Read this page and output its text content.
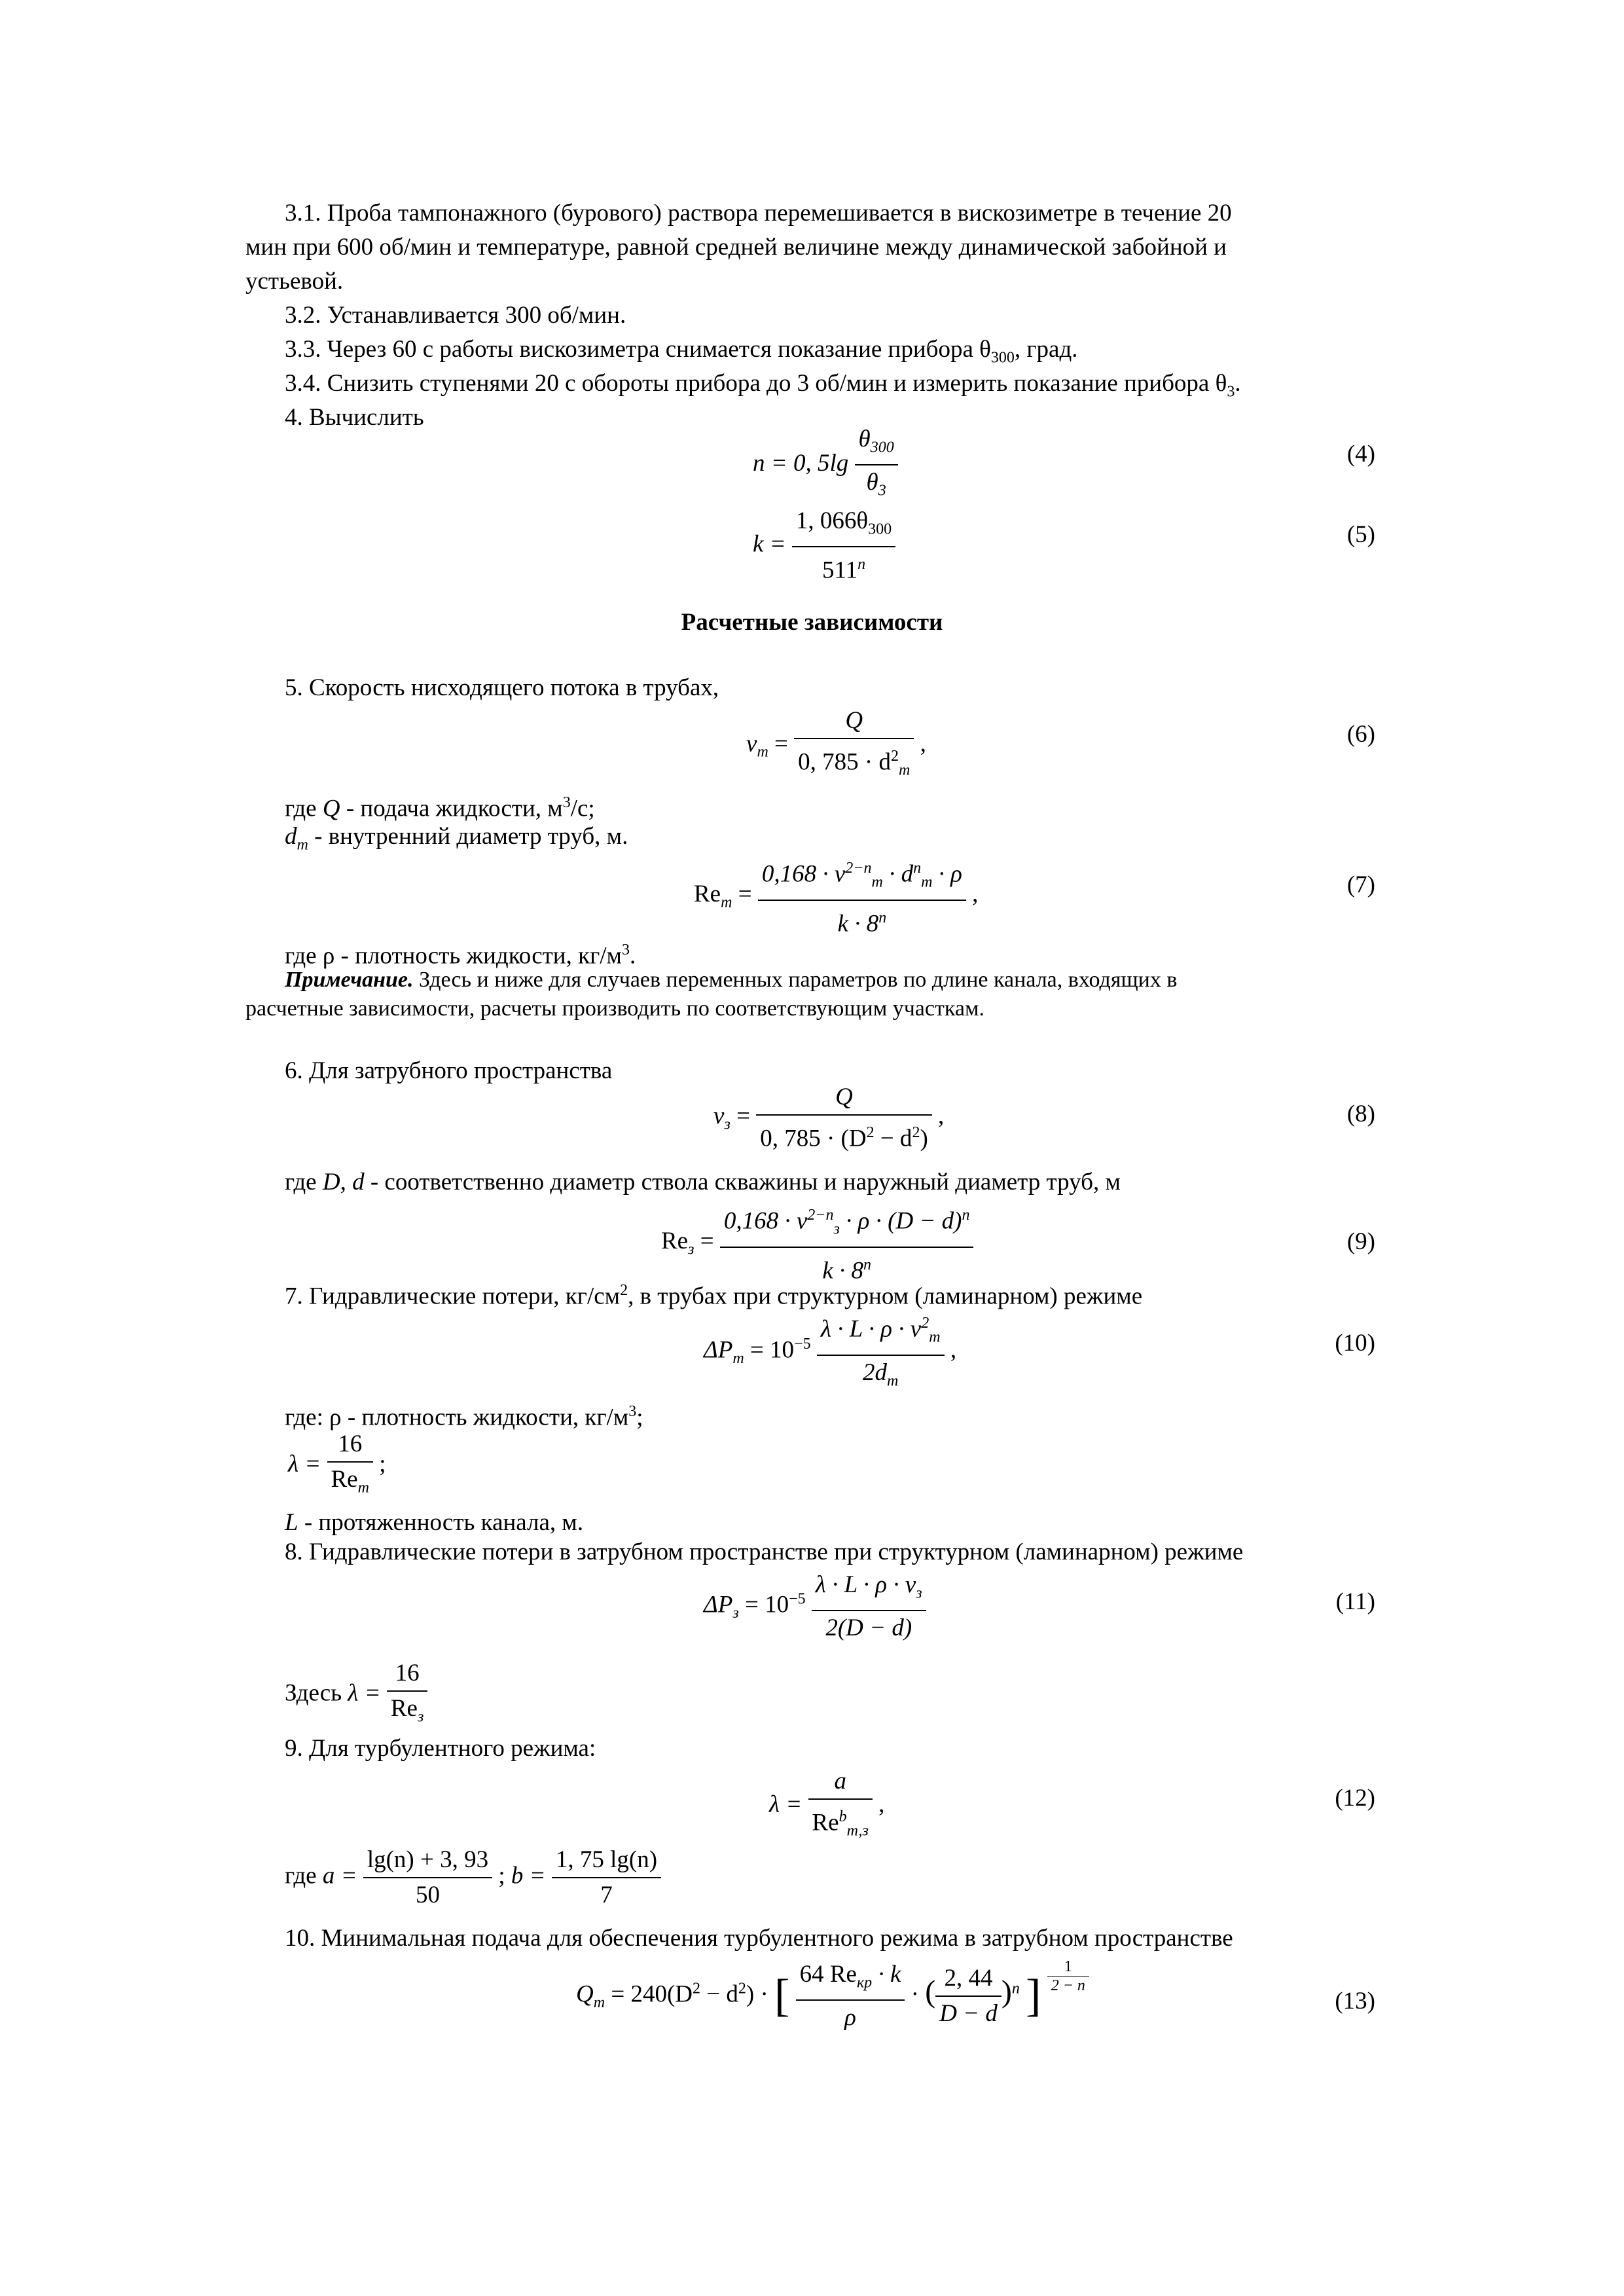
3.1. Проба тампонажного (бурового) раствора перемешивается в вискозиметре в течение 20
мин при 600 об/мин и температуре, равной средней величине между динамической забойной и
устьевой.
3.2. Устанавливается 300 об/мин.
3.3. Через 60 с работы вискозиметра снимается показание прибора $\theta_{300}$, град.
3.4. Снизить ступенями 20 с обороты прибора до 3 об/мин и измерить показание прибора $\theta_3$.
4. Вычислить
n = 0, $5\lg \frac{\theta_{300}}{\theta_3}$	(4)
$k = \frac{1, 066\theta_{300}}{511^n}$	(5)
Расчетные зависимости
5. Скорость нисходящего потока в трубах,
$v_т = \frac{Q}{0, 785 \cdot d^2_т}$ ,	(6)
где Q - подача жидкости, $м^3/с$;
$d_т$ - внутренний диаметр труб, м.
$Re_т = \frac{0,168 \cdot v^{2-n}_т \cdot d^n_т \cdot \rho}{k \cdot 8^n}$ ,	(7)
где ρ - плотность жидкости, $кг/м^3$.
Примечание. Здесь и ниже для случаев переменных параметров по длине канала, входящих в
расчетные зависимости, расчеты производить по соответствующим участкам.
6. Для затрубного пространства
$v_з = \frac{Q}{0, 785 \cdot (D^2 - d^2)}$ ,	(8)
где D, d - соответственно диаметр ствола скважины и наружный диаметр труб, м
$Re_з = \frac{0,168 \cdot v^{2-n}_з \cdot \rho \cdot (D - d)^n}{k \cdot 8^n}$	(9)
7. Гидравлические потери, $кг/см^2$, в трубах при структурном (ламинарном) режиме
$\Delta P_т = 10^{-5} \frac{\lambda \cdot L \cdot \rho \cdot v^2_т}{2d_т}$ ,	(10)
где: ρ - плотность жидкости, $кг/м^3$;
$\lambda = \frac{16}{Re_т}$ ;
L - протяженность канала, м.
8. Гидравлические потери в затрубном пространстве при структурном (ламинарном) режиме
$\Delta P_з = 10^{-5} \frac{\lambda \cdot L \cdot \rho \cdot v_з}{2(D - d)}$	(11)
Здесь $\lambda = \frac{16}{Re_з}$
9. Для турбулентного режима:
$\lambda = \frac{a}{Re^b_{т,з}}$ ,	(12)
где $a = \frac{\lg(n) + 3, 93}{50}$ ; $b = \frac{1, 75 \lg(n)}{7}$
10. Минимальная подача для обеспечения турбулентного режима в затрубном пространстве
$Q_т = 240(D^2 - d^2)$ · [ $\frac{64 Re_{кр} \cdot k}{\rho}$ · ( $\frac{2, 44}{D - d} )^n$ ] $\frac{1}{2 - n}$
(13)
